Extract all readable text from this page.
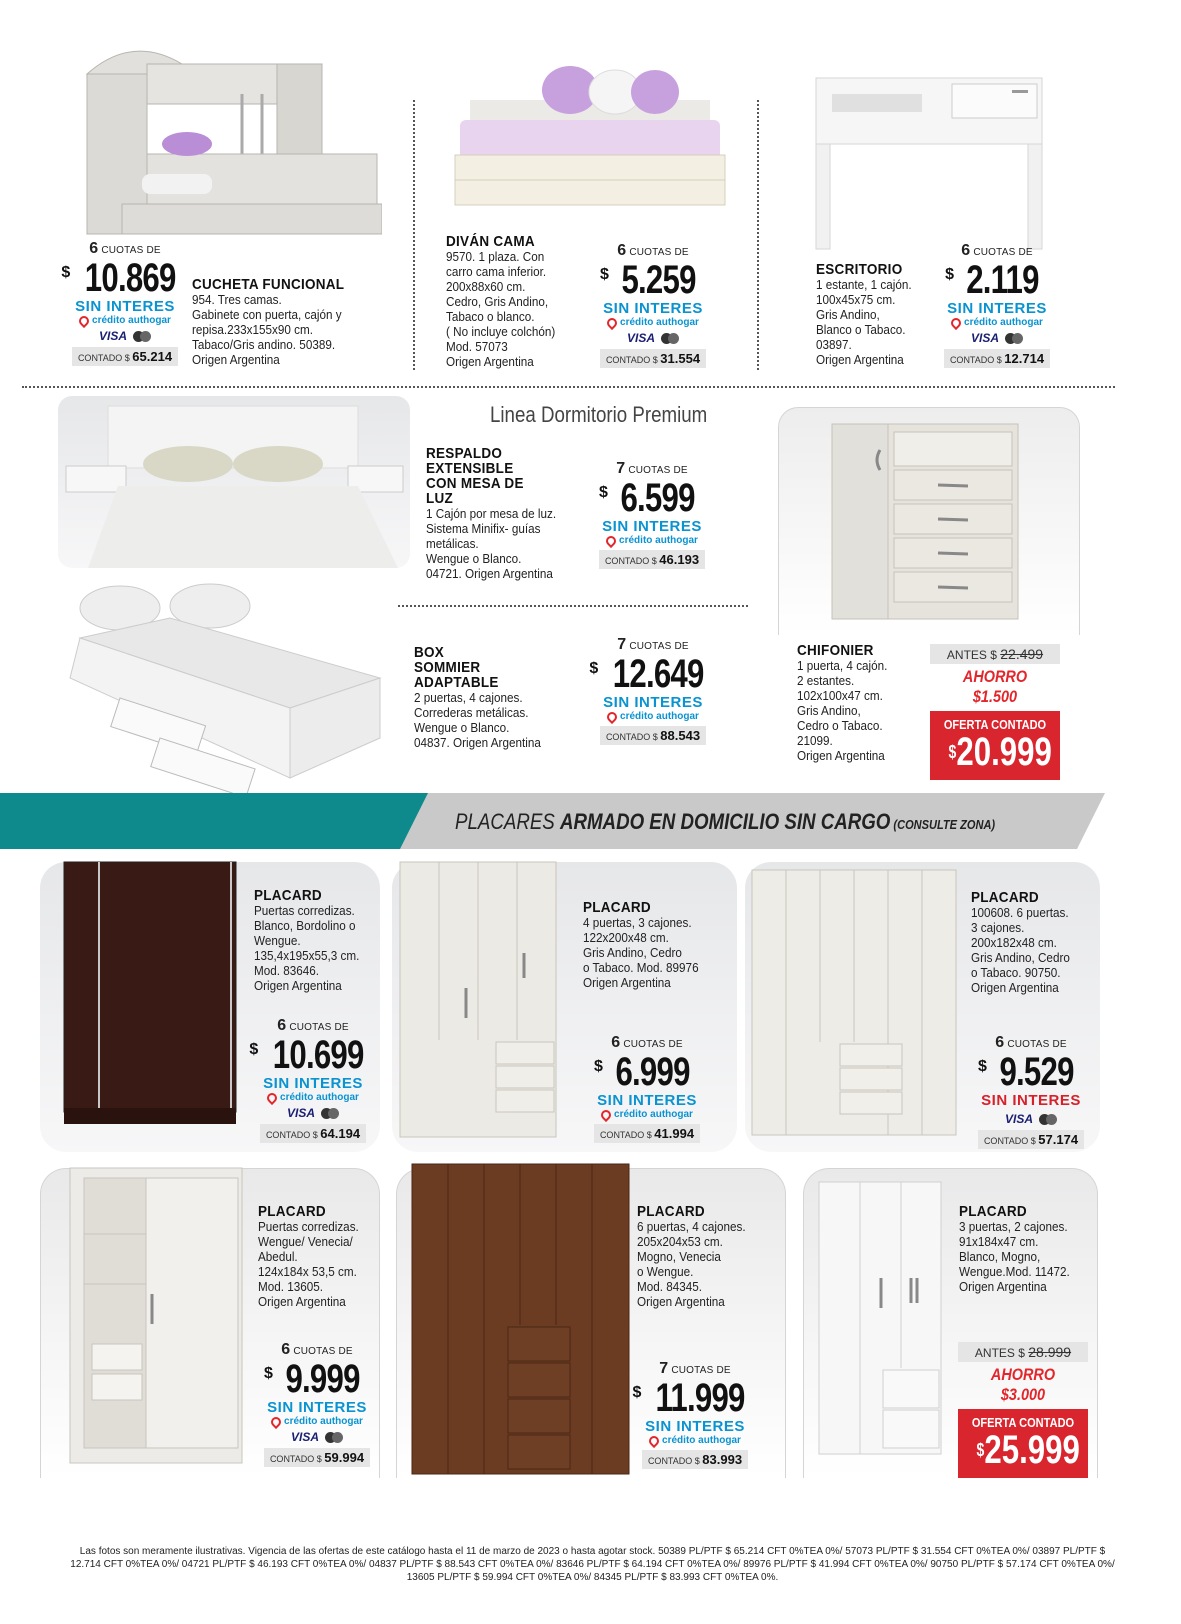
6 CUOTAS DE
$ 10.869
SIN INTERES
crédito authogar
VISA
CONTADO $ 65.214
CUCHETA FUNCIONAL
954. Tres camas.
Gabinete con puerta, cajón y
repisa.233x155x90 cm.
Tabaco/Gris andino. 50389.
Origen Argentina
DIVÁN CAMA
9570. 1 plaza. Con
carro cama inferior.
200x88x60 cm.
Cedro, Gris Andino,
Tabaco o blanco.
( No incluye colchón)
Mod. 57073
Origen Argentina
6 CUOTAS DE
$ 5.259
SIN INTERES
crédito authogar
VISA
CONTADO $ 31.554
ESCRITORIO
1 estante, 1 cajón.
100x45x75 cm.
Gris Andino,
Blanco o Tabaco.
03897.
Origen Argentina
6 CUOTAS DE
$ 2.119
SIN INTERES
crédito authogar
VISA
CONTADO $ 12.714
Linea Dormitorio Premium
RESPALDO EXTENSIBLE CON MESA DE LUZ
1 Cajón por mesa de luz.
Sistema Minifix- guías
metálicas.
Wengue o Blanco.
04721. Origen Argentina
7 CUOTAS DE
$ 6.599
SIN INTERES
crédito authogar
CONTADO $ 46.193
BOX SOMMIER ADAPTABLE
2 puertas, 4 cajones.
Correderas metálicas.
Wengue o Blanco.
04837. Origen Argentina
7 CUOTAS DE
$ 12.649
SIN INTERES
crédito authogar
CONTADO $ 88.543
CHIFONIER
1 puerta, 4 cajón.
2 estantes.
102x100x47 cm.
Gris Andino,
Cedro o Tabaco.
21099.
Origen Argentina
ANTES $ 22.499
AHORRO $1.500
OFERTA CONTADO
$20.999
PLACARES ARMADO EN DOMICILIO SIN CARGO (CONSULTE ZONA)
PLACARD
Puertas corredizas.
Blanco, Bordolino o
Wengue.
135,4x195x55,3 cm.
Mod. 83646.
Origen Argentina
6 CUOTAS DE
$ 10.699
SIN INTERES
crédito authogar
VISA
CONTADO $ 64.194
PLACARD
4 puertas, 3 cajones.
122x200x48 cm.
Gris Andino, Cedro
o Tabaco. Mod. 89976
Origen Argentina
6 CUOTAS DE
$ 6.999
SIN INTERES
crédito authogar
CONTADO $ 41.994
PLACARD
100608. 6 puertas.
3 cajones.
200x182x48 cm.
Gris Andino, Cedro
o Tabaco. 90750.
Origen Argentina
6 CUOTAS DE
$ 9.529
SIN INTERES
VISA
CONTADO $ 57.174
PLACARD
Puertas corredizas.
Wengue/ Venecia/
Abedul.
124x184x 53,5 cm.
Mod. 13605.
Origen Argentina
6 CUOTAS DE
$ 9.999
SIN INTERES
crédito authogar
VISA
CONTADO $ 59.994
PLACARD
6 puertas, 4 cajones.
205x204x53 cm.
Mogno, Venecia
o Wengue.
Mod. 84345.
Origen Argentina
7 CUOTAS DE
$ 11.999
SIN INTERES
crédito authogar
CONTADO $ 83.993
PLACARD
3 puertas, 2 cajones.
91x184x47 cm.
Blanco, Mogno,
Wengue.Mod. 11472.
Origen Argentina
ANTES $ 28.999
AHORRO $3.000
OFERTA CONTADO
$25.999
Las fotos son meramente ilustrativas. Vigencia de las ofertas de este catálogo hasta el 11 de marzo de 2023 o hasta agotar stock. 50389 PL/PTF $ 65.214 CFT 0%TEA 0%/ 57073 PL/PTF $ 31.554 CFT 0%TEA 0%/ 03897 PL/PTF $ 12.714 CFT 0%TEA 0%/ 04721 PL/PTF $ 46.193 CFT 0%TEA 0%/ 04837 PL/PTF $ 88.543 CFT 0%TEA 0%/ 83646 PL/PTF $ 64.194 CFT 0%TEA 0%/ 89976 PL/PTF $ 41.994 CFT 0%TEA 0%/ 90750 PL/PTF $ 57.174 CFT 0%TEA 0%/ 13605 PL/PTF $ 59.994 CFT 0%TEA 0%/ 84345 PL/PTF $ 83.993 CFT 0%TEA 0%.
